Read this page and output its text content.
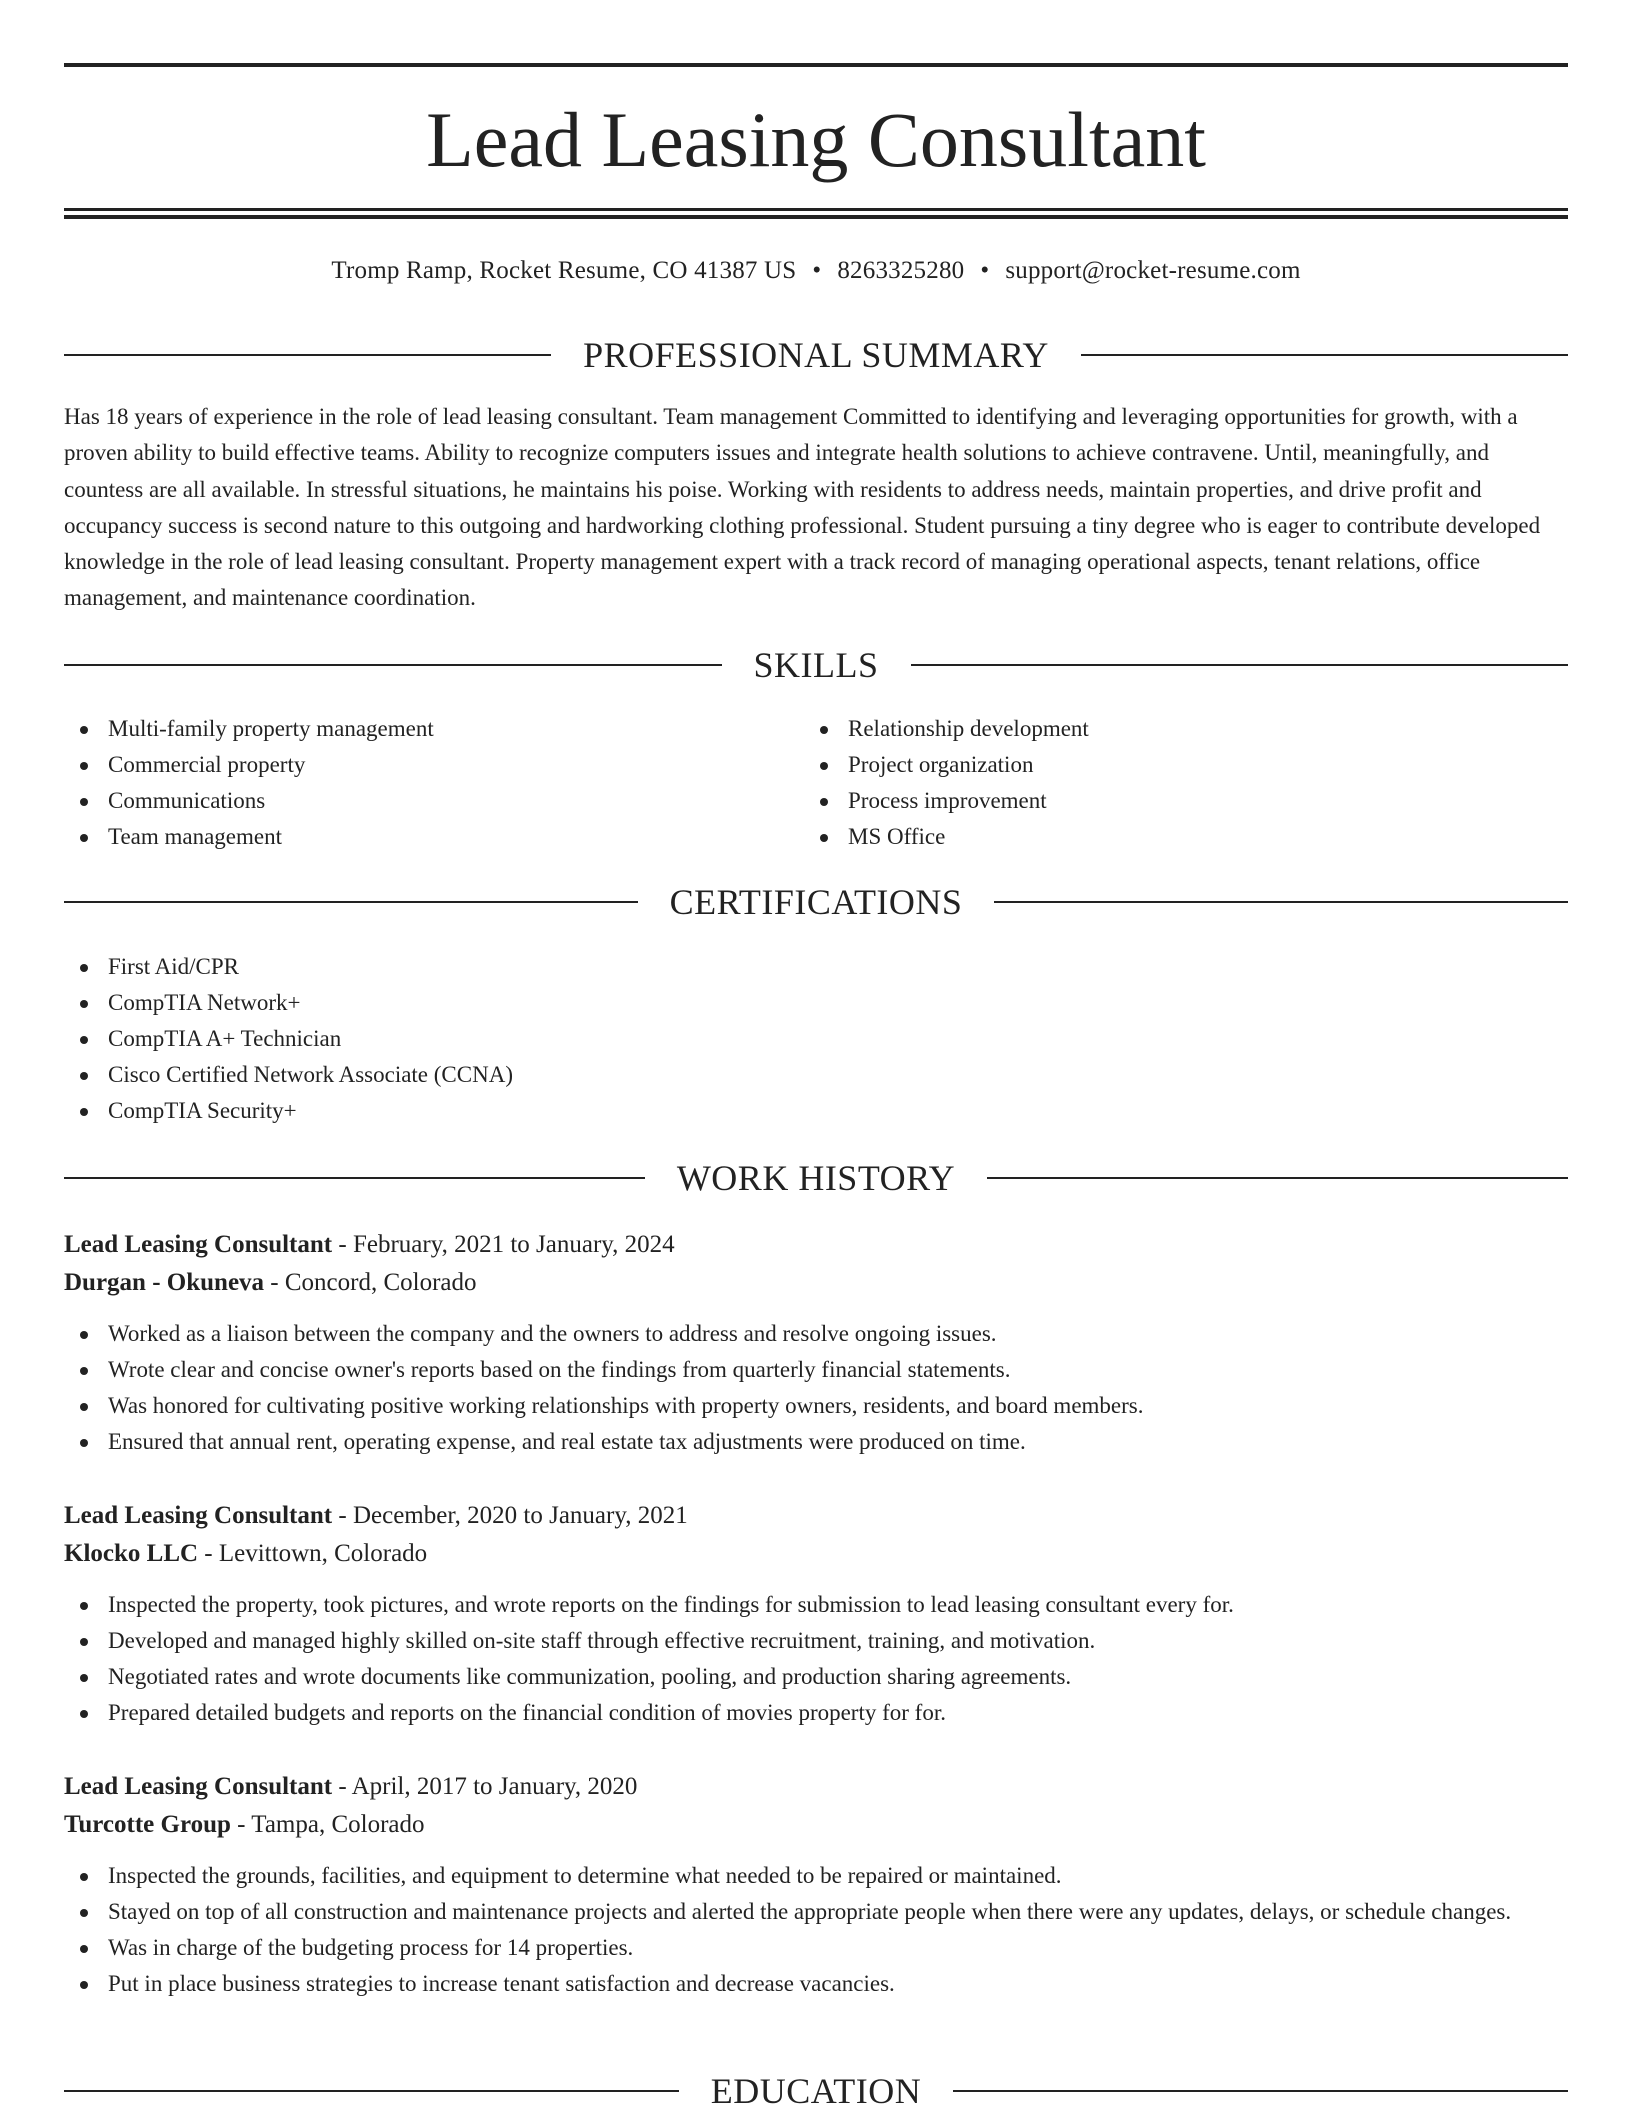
Lead Leasing Consultant
Tromp Ramp, Rocket Resume, CO 41387 US • 8263325280 • support@rocket-resume.com
PROFESSIONAL SUMMARY

Has 18 years of experience in the role of lead leasing consultant. Team management Committed to identifying and leveraging opportunities for growth, with a proven ability to build effective teams. Ability to recognize computers issues and integrate health solutions to achieve contravene. Until, meaningfully, and countess are all available. In stressful situations, he maintains his poise. Working with residents to address needs, maintain properties, and drive profit and occupancy success is second nature to this outgoing and hardworking clothing professional. Student pursuing a tiny degree who is eager to contribute developed knowledge in the role of lead leasing consultant. Property management expert with a track record of managing operational aspects, tenant relations, office management, and maintenance coordination.

SKILLS
Multi-family property management
Commercial property
Communications
Team management
Relationship development
Project organization
Process improvement
MS Office
CERTIFICATIONS
First Aid/CPR
CompTIA Network+
CompTIA A+ Technician
Cisco Certified Network Associate (CCNA)
CompTIA Security+
WORK HISTORY
Lead Leasing Consultant - February, 2021 to January, 2024
Durgan - Okuneva - Concord, Colorado
Worked as a liaison between the company and the owners to address and resolve ongoing issues.
Wrote clear and concise owner's reports based on the findings from quarterly financial statements.
Was honored for cultivating positive working relationships with property owners, residents, and board members.
Ensured that annual rent, operating expense, and real estate tax adjustments were produced on time.
Lead Leasing Consultant - December, 2020 to January, 2021
Klocko LLC - Levittown, Colorado
Inspected the property, took pictures, and wrote reports on the findings for submission to lead leasing consultant every for.
Developed and managed highly skilled on-site staff through effective recruitment, training, and motivation.
Negotiated rates and wrote documents like communization, pooling, and production sharing agreements.
Prepared detailed budgets and reports on the financial condition of movies property for for.
Lead Leasing Consultant - April, 2017 to January, 2020
Turcotte Group - Tampa, Colorado
Inspected the grounds, facilities, and equipment to determine what needed to be repaired or maintained.
Stayed on top of all construction and maintenance projects and alerted the appropriate people when there were any updates, delays, or schedule changes.
Was in charge of the budgeting process for 14 properties.
Put in place business strategies to increase tenant satisfaction and decrease vacancies.
EDUCATION
